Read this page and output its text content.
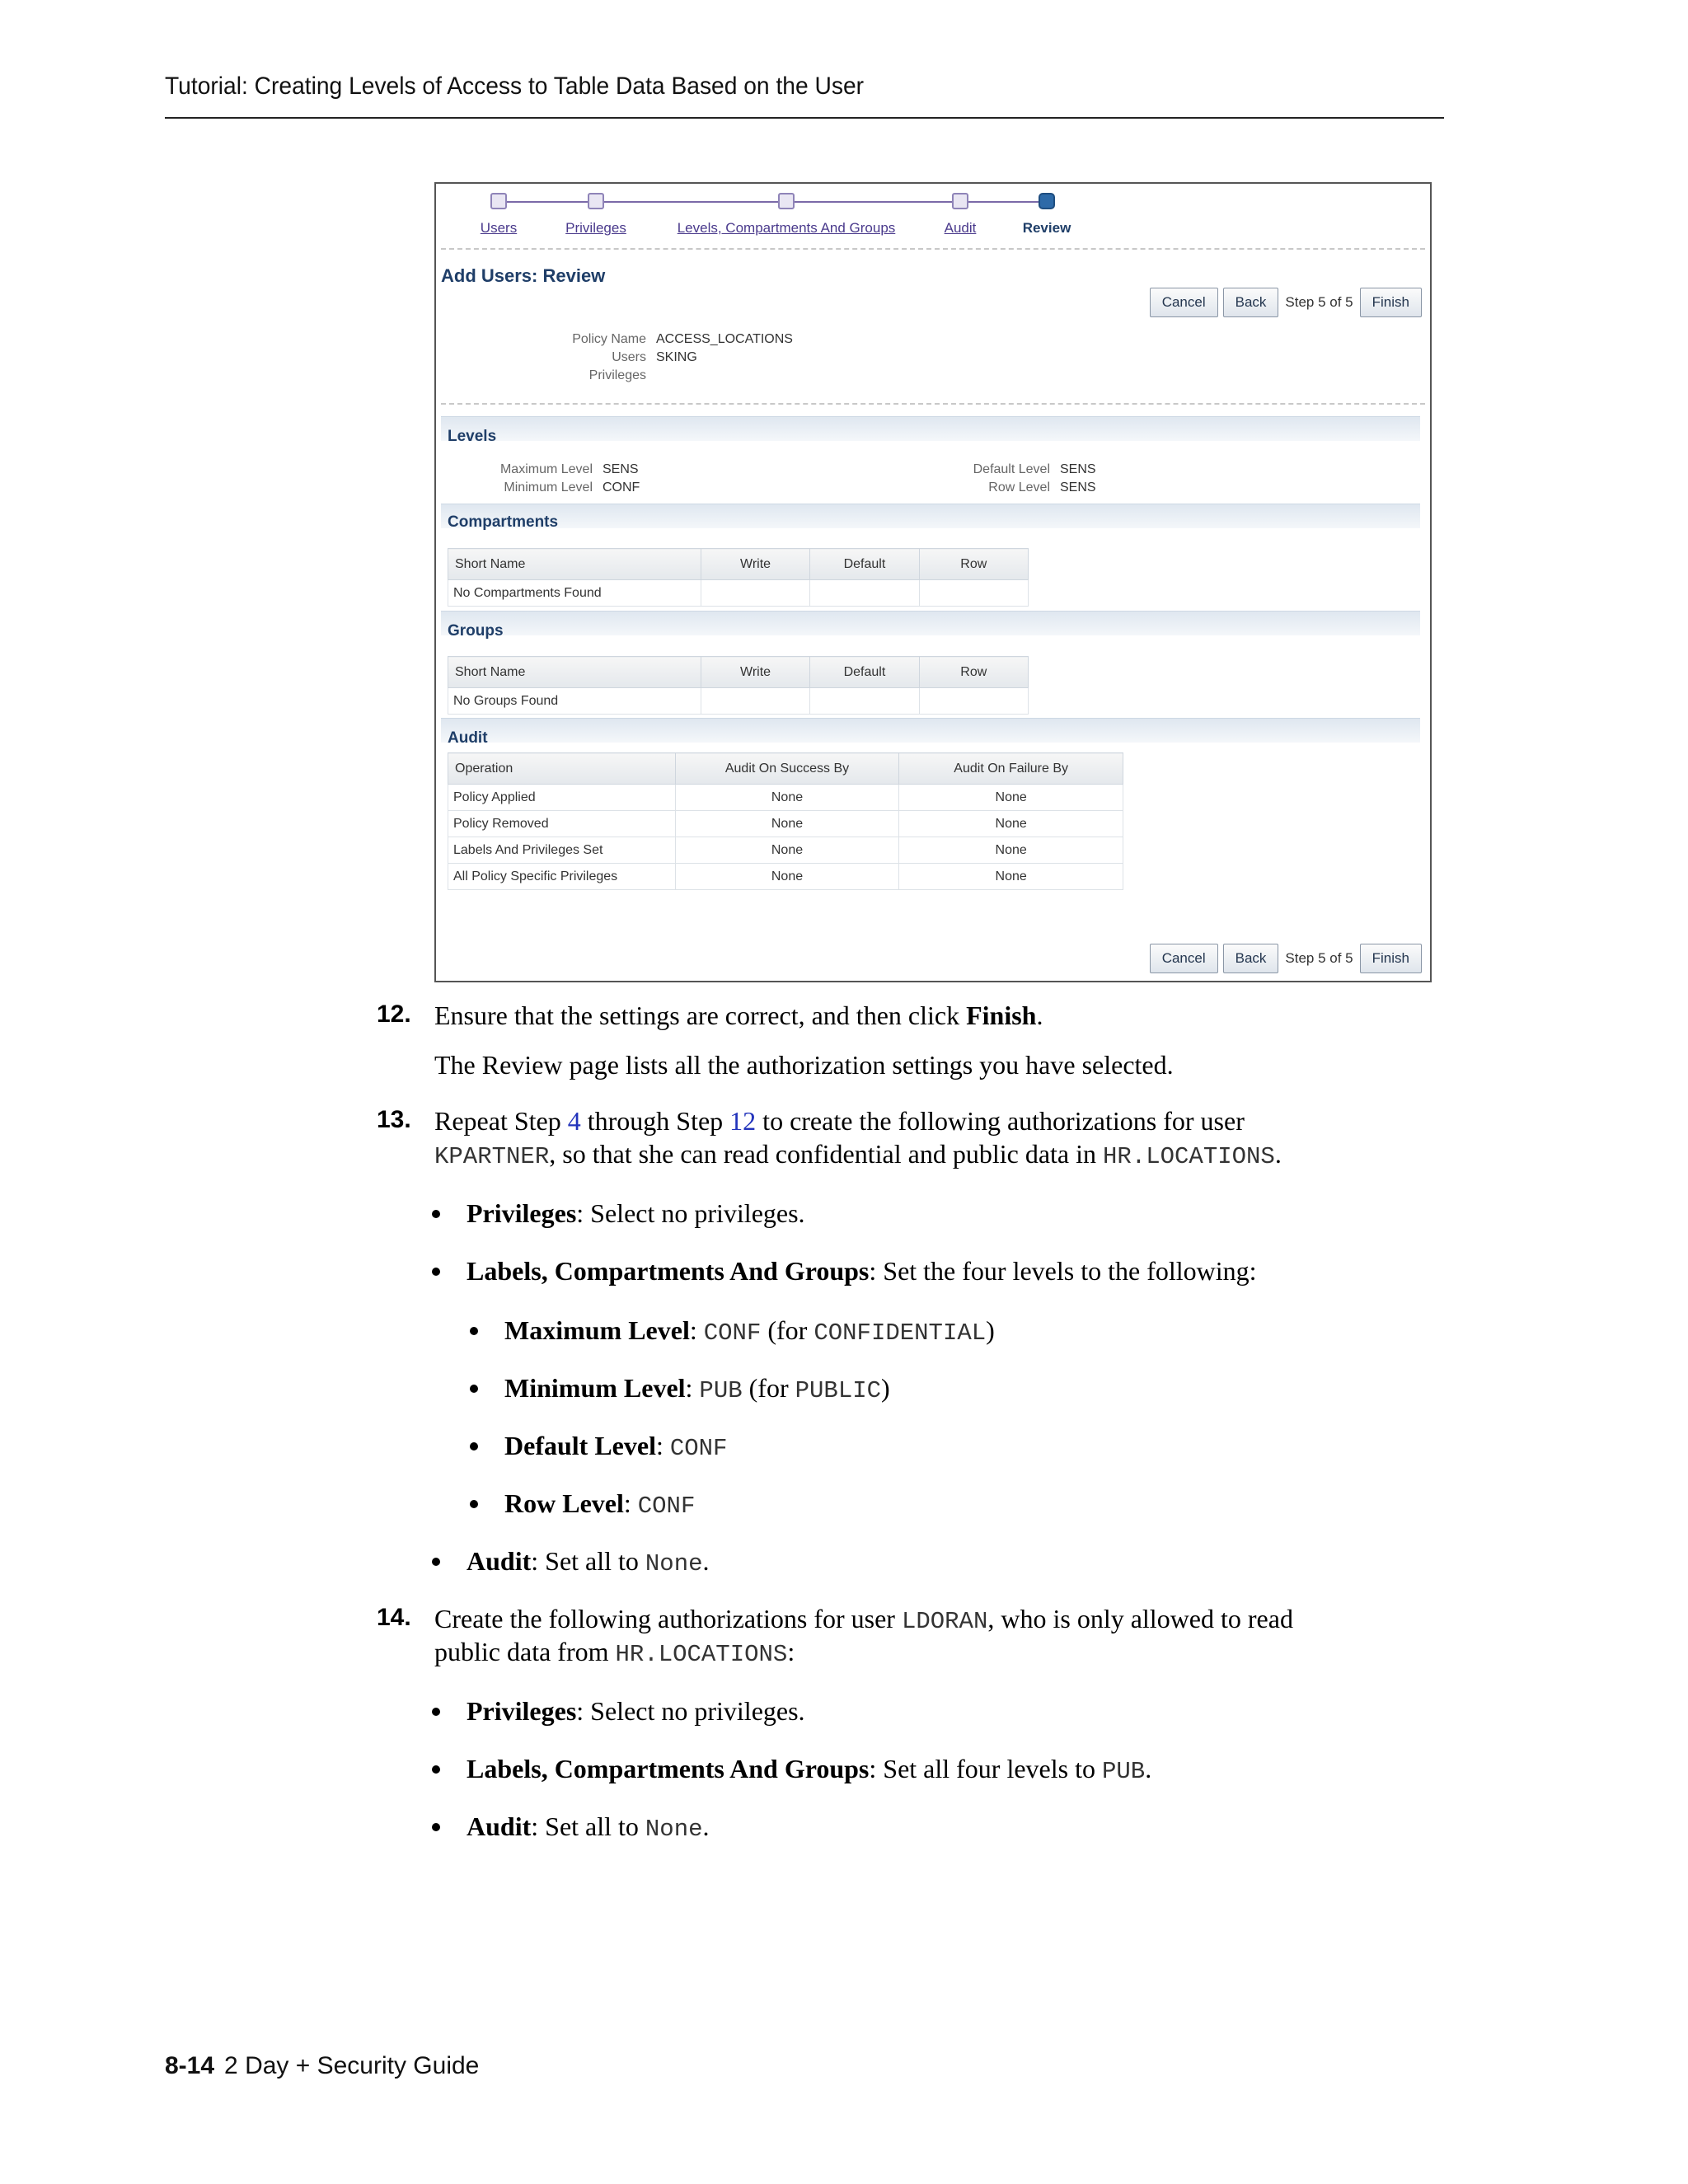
Tutorial: Creating Levels of Access to Table Data Based on the User
Users	Privileges	Levels, Compartments And Groups	Audit	Review
Add Users: Review
Cancel	Back	Step 5 of 5	Finish
Policy Name ACCESS_LOCATIONS
Users SKING
Privileges
Levels
Maximum Level SENS
Minimum Level CONF
Default Level SENS
Row Level SENS
Compartments
Short Name	Write	Default	Row
No Compartments Found			
Groups
Short Name	Write	Default	Row
No Groups Found			
Audit
Operation	Audit On Success By	Audit On Failure By
Policy Applied	None	None
Policy Removed	None	None
Labels And Privileges Set	None	None
All Policy Specific Privileges	None	None
Cancel	Back	Step 5 of 5	Finish
12. Ensure that the settings are correct, and then click Finish.
The Review page lists all the authorization settings you have selected.
13. Repeat Step 4 through Step 12 to create the following authorizations for user
KPARTNER, so that she can read confidential and public data in HR.LOCATIONS.
Privileges: Select no privileges.
Labels, Compartments And Groups: Set the four levels to the following:
Maximum Level: CONF (for CONFIDENTIAL)
Minimum Level: PUB (for PUBLIC)
Default Level: CONF
Row Level: CONF
Audit: Set all to None.
14. Create the following authorizations for user LDORAN, who is only allowed to read
public data from HR.LOCATIONS:
Privileges: Select no privileges.
Labels, Compartments And Groups: Set all four levels to PUB.
Audit: Set all to None.
8-14 2 Day + Security Guide
